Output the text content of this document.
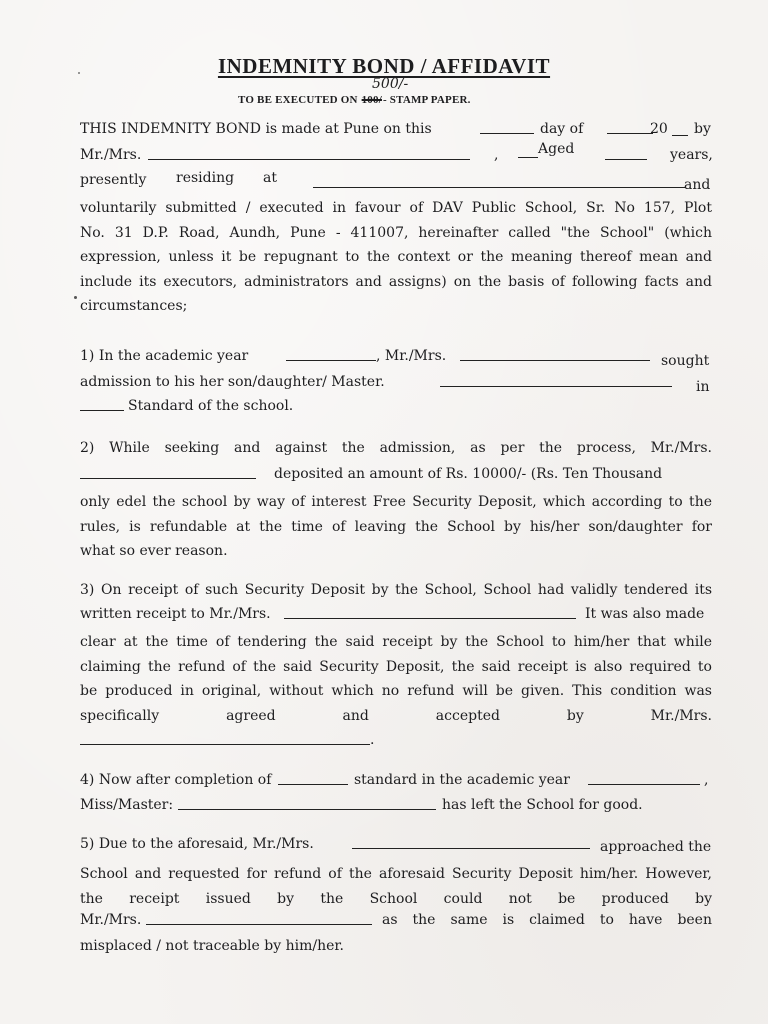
INDEMNITY BOND / AFFIDAVIT
500/-
TO BE EXECUTED ON 100/- STAMP PAPER.
THIS INDEMNITY BOND is made at Pune on this	day of	20 by
Mr./Mrs.	,	Aged	years,
presently residing at	and
voluntarily submitted / executed in favour of DAV Public School, Sr. No 157, Plot
No. 31 D.P. Road, Aundh, Pune - 411007, hereinafter called "the School" (which
expression, unless it be repugnant to the context or the meaning thereof mean and
include its executors, administrators and assigns) on the basis of following facts and
circumstances;
1) In the academic year	, Mr./Mrs.	sought
admission to his her son/daughter/ Master.	in
Standard of the school.
2) While seeking and against the admission, as per the process, Mr./Mrs.
deposited an amount of Rs. 10000/- (Rs. Ten Thousand
only edel the school by way of interest Free Security Deposit, which according to the
rules, is refundable at the time of leaving the School by his/her son/daughter for
what so ever reason.
3) On receipt of such Security Deposit by the School, School had validly tendered its
written receipt to Mr./Mrs.	It was also made
clear at the time of tendering the said receipt by the School to him/her that while
claiming the refund of the said Security Deposit, the said receipt is also required to
be produced in original, without which no refund will be given. This condition was
specifically agreed and accepted by Mr./Mrs.
.
4) Now after completion of	standard in the academic year	,
Miss/Master:	has left the School for good.
5) Due to the aforesaid, Mr./Mrs.	approached the
School and requested for refund of the aforesaid Security Deposit him/her. However,
the receipt issued by the School could not be produced by
Mr./Mrs.	as the same is claimed to have been
misplaced / not traceable by him/her.
